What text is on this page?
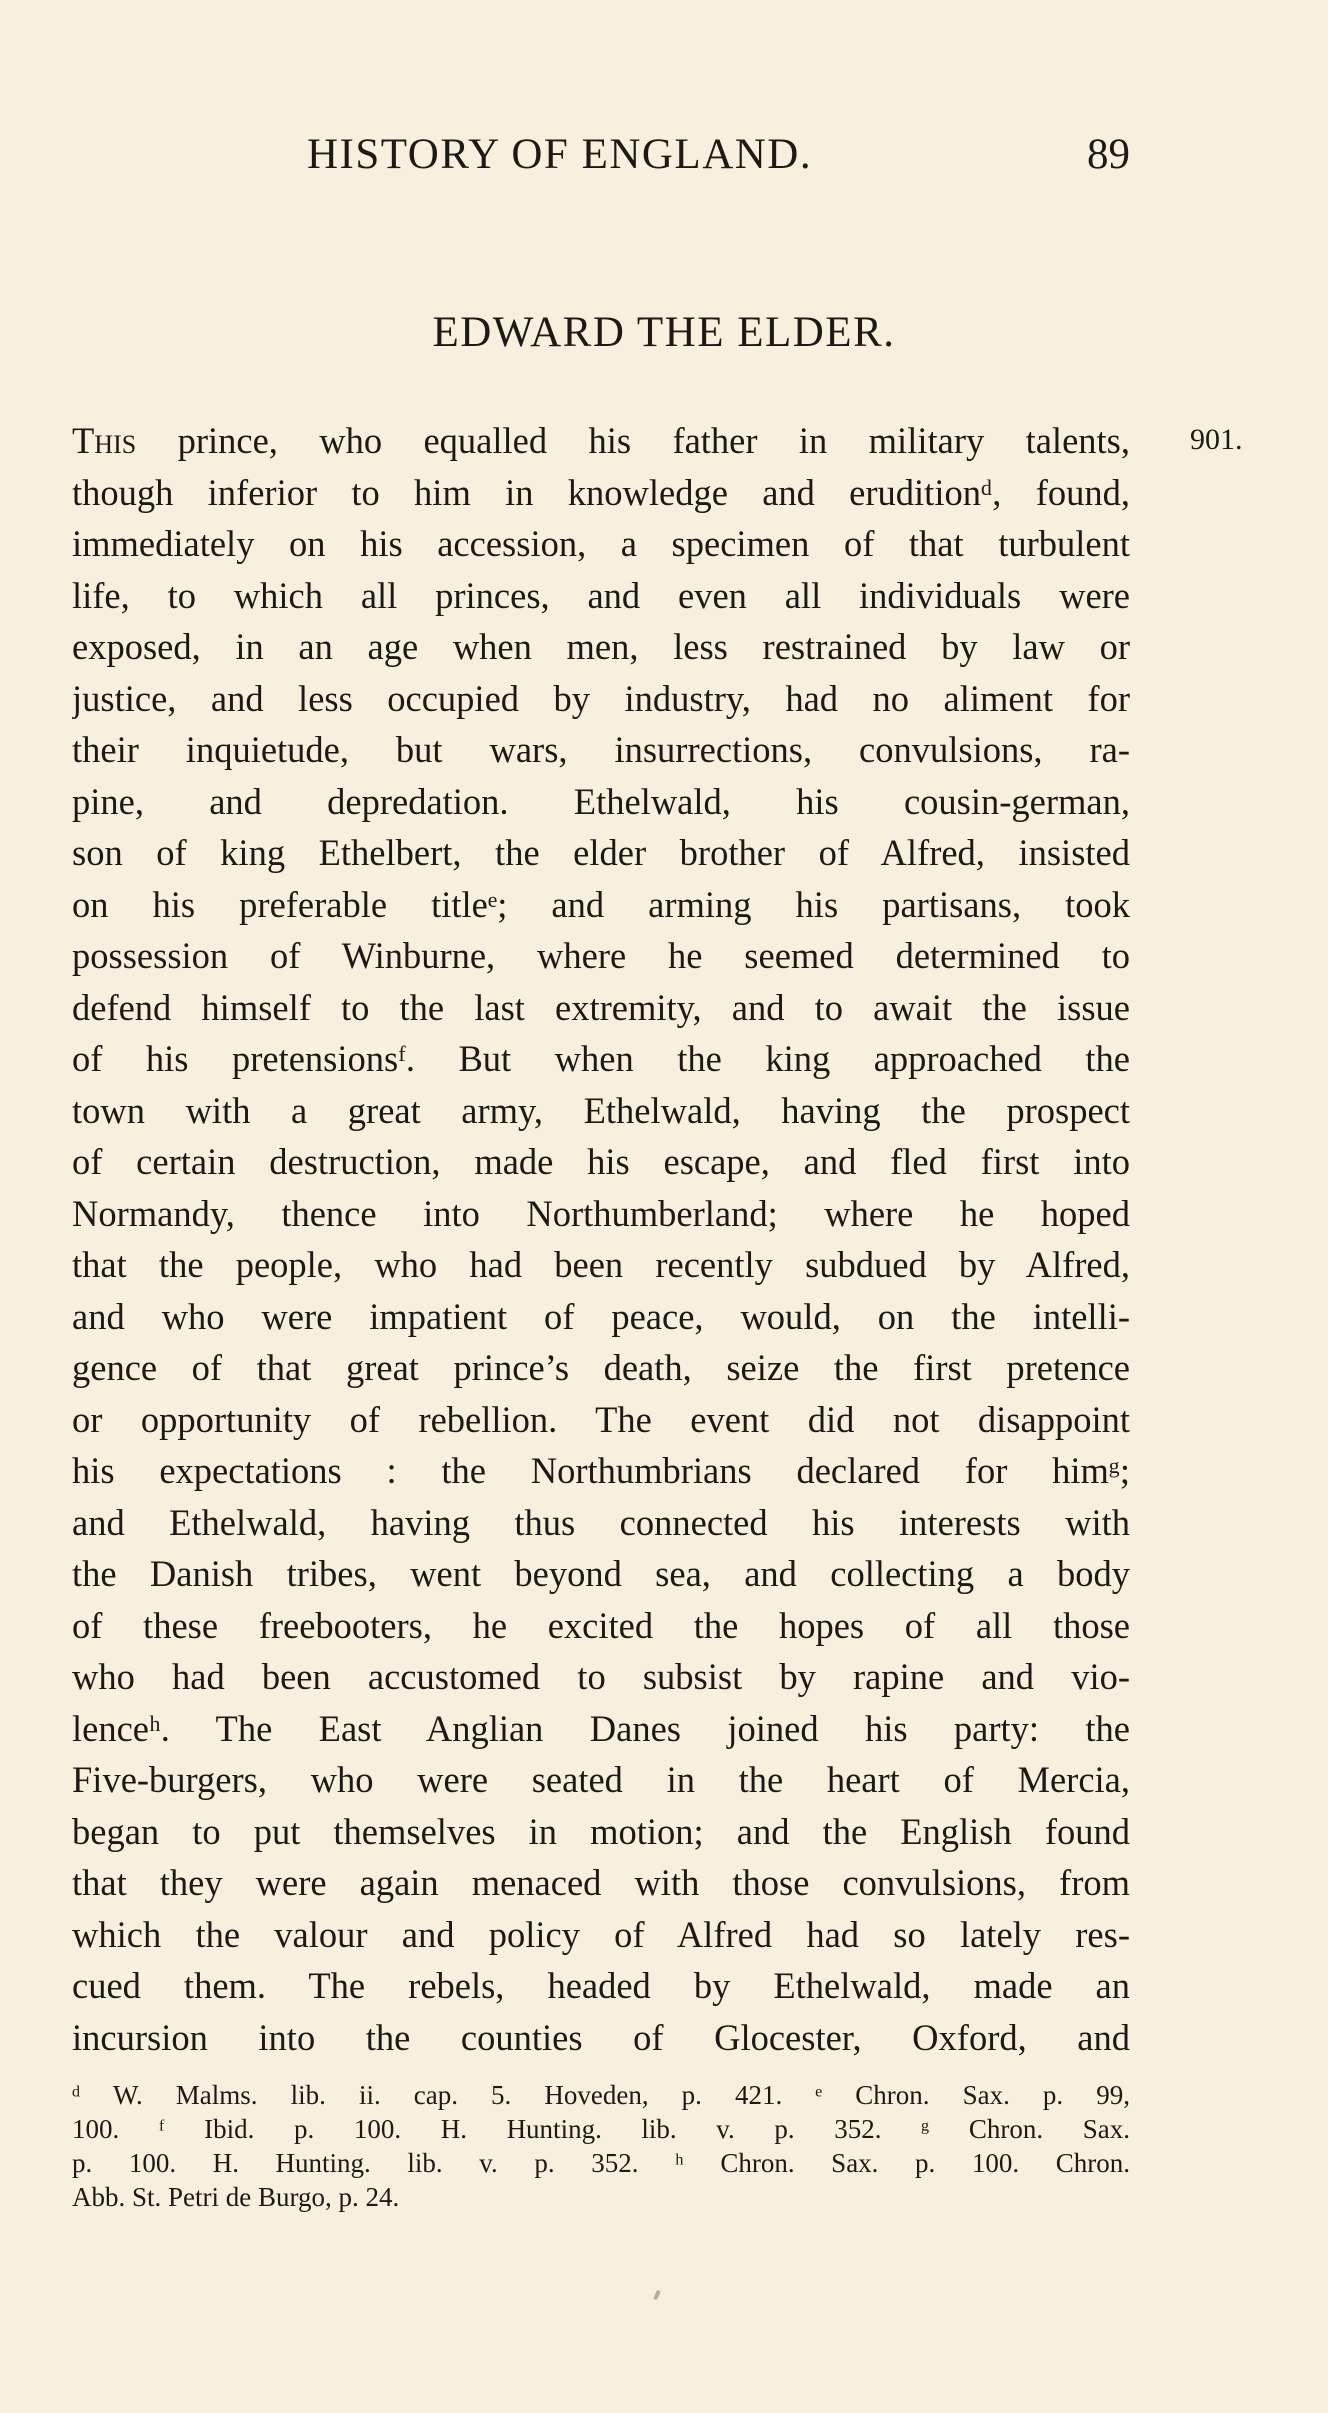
HISTORY OF ENGLAND.	89
EDWARD THE ELDER.
901.
This prince, who equalled his father in military talents,
though inferior to him in knowledge and eruditionᵈ, found,
immediately on his accession, a specimen of that turbulent
life, to which all princes, and even all individuals were
exposed, in an age when men, less restrained by law or
justice, and less occupied by industry, had no aliment for
their inquietude, but wars, insurrections, convulsions, ra-
pine, and depredation. Ethelwald, his cousin-german,
son of king Ethelbert, the elder brother of Alfred, insisted
on his preferable titleᵉ; and arming his partisans, took
possession of Winburne, where he seemed determined to
defend himself to the last extremity, and to await the issue
of his pretensionsᶠ. But when the king approached the
town with a great army, Ethelwald, having the prospect
of certain destruction, made his escape, and fled first into
Normandy, thence into Northumberland; where he hoped
that the people, who had been recently subdued by Alfred,
and who were impatient of peace, would, on the intelli-
gence of that great prince’s death, seize the first pretence
or opportunity of rebellion. The event did not disappoint
his expectations : the Northumbrians declared for himᵍ;
and Ethelwald, having thus connected his interests with
the Danish tribes, went beyond sea, and collecting a body
of these freebooters, he excited the hopes of all those
who had been accustomed to subsist by rapine and vio-
lenceʰ. The East Anglian Danes joined his party: the
Five-burgers, who were seated in the heart of Mercia,
began to put themselves in motion; and the English found
that they were again menaced with those convulsions, from
which the valour and policy of Alfred had so lately res-
cued them. The rebels, headed by Ethelwald, made an
incursion into the counties of Glocester, Oxford, and
ᵈ W. Malms. lib. ii. cap. 5. Hoveden, p. 421. ᵉ Chron. Sax. p. 99,
100. ᶠ Ibid. p. 100. H. Hunting. lib. v. p. 352. ᵍ Chron. Sax.
p. 100. H. Hunting. lib. v. p. 352. ʰ Chron. Sax. p. 100. Chron.
Abb. St. Petri de Burgo, p. 24.
